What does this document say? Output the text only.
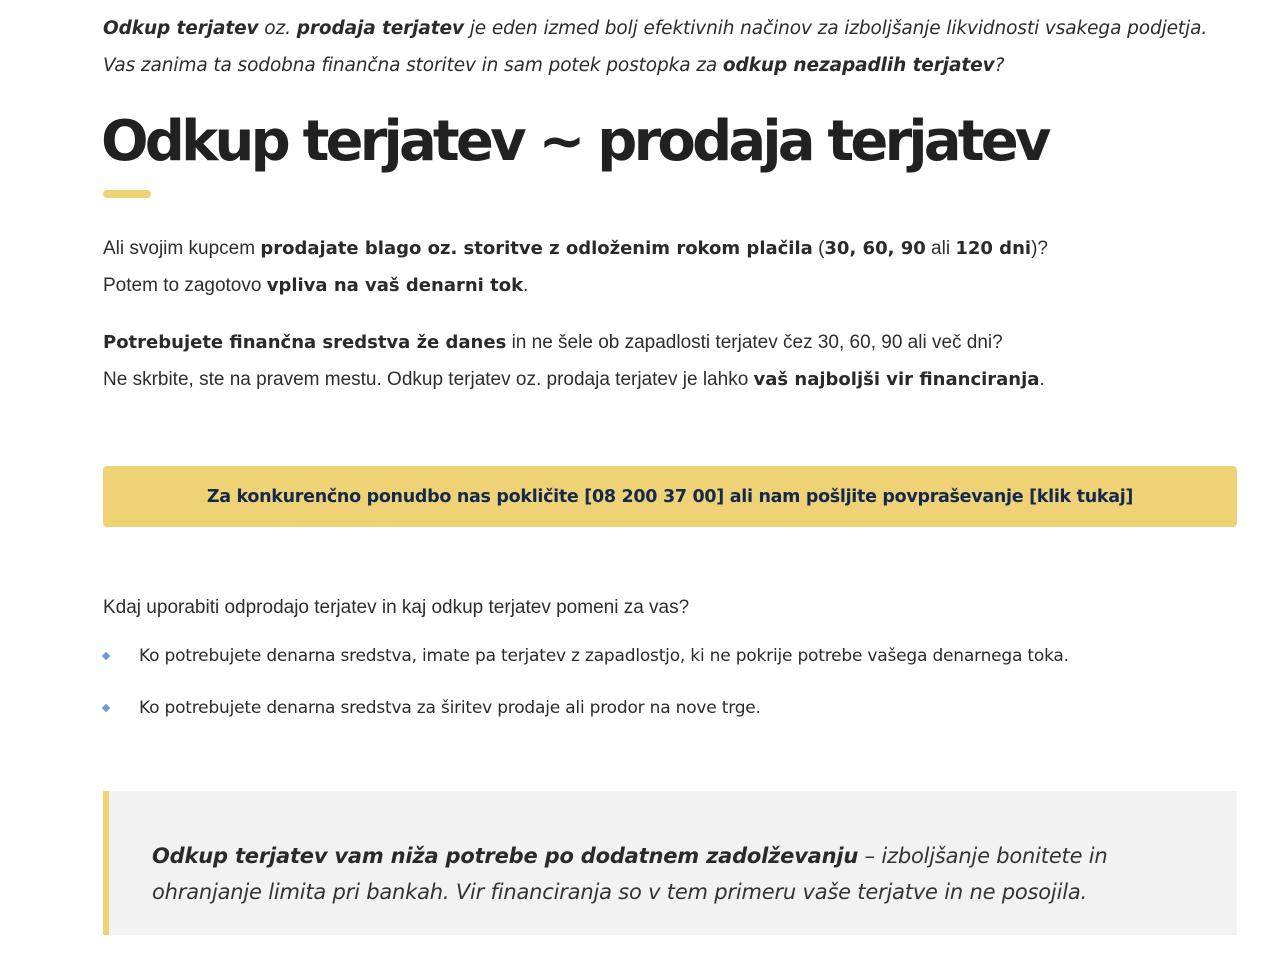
Odkup terjatev oz. prodaja terjatev je eden izmed bolj efektivnih načinov za izboljšanje likvidnosti vsakega podjetja. Vas zanima ta sodobna finančna storitev in sam potek postopka za odkup nezapadlih terjatev?

Odkup terjatev ~ prodaja terjatev
Ali svojim kupcem prodajate blago oz. storitve z odloženim rokom plačila (30, 60, 90 ali 120 dni)?
Potem to zagotovo vpliva na vaš denarni tok.
Potrebujete finančna sredstva že danes in ne šele ob zapadlosti terjatev čez 30, 60, 90 ali več dni?
Ne skrbite, ste na pravem mestu. Odkup terjatev oz. prodaja terjatev je lahko vaš najboljši vir financiranja.
Za konkurenčno ponudbo nas pokličite [08 200 37 00] ali nam pošljite povpraševanje [klik tukaj]
Kdaj uporabiti odprodajo terjatev in kaj odkup terjatev pomeni za vas?
Ko potrebujete denarna sredstva, imate pa terjatev z zapadlostjo, ki ne pokrije potrebe vašega denarnega toka.
Ko potrebujete denarna sredstva za širitev prodaje ali prodor na nove trge.
Odkup terjatev vam niža potrebe po dodatnem zadolževanju – izboljšanje bonitete in ohranjanje limita pri bankah. Vir financiranja so v tem primeru vaše terjatve in ne posojila.
